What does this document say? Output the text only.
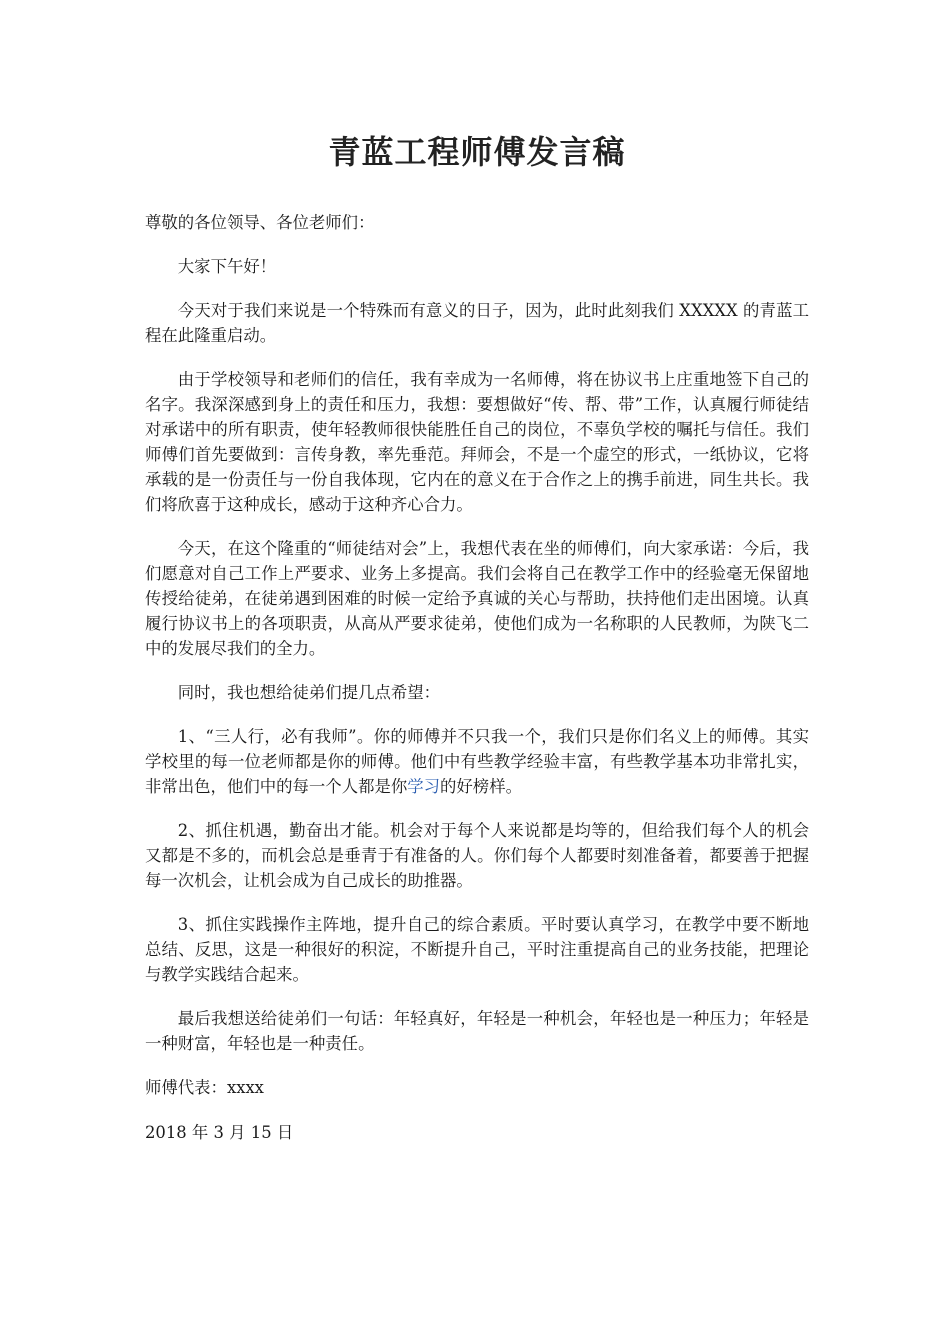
青蓝工程师傅发言稿

尊敬的各位领导、各位老师们：

大家下午好！

今天对于我们来说是一个特殊而有意义的日子，因为，此时此刻我们 XXXXX 的青蓝工程在此隆重启动。

由于学校领导和老师们的信任，我有幸成为一名师傅，将在协议书上庄重地签下自己的名字。我深深感到身上的责任和压力，我想：要想做好“传、帮、带”工作，认真履行师徒结对承诺中的所有职责，使年轻教师很快能胜任自己的岗位，不辜负学校的嘱托与信任。我们师傅们首先要做到：言传身教，率先垂范。拜师会，不是一个虚空的形式，一纸协议，它将承载的是一份责任与一份自我体现，它内在的意义在于合作之上的携手前进，同生共长。我们将欣喜于这种成长，感动于这种齐心合力。

今天，在这个隆重的“师徒结对会”上，我想代表在坐的师傅们，向大家承诺：今后，我们愿意对自己工作上严要求、业务上多提高。我们会将自己在教学工作中的经验毫无保留地传授给徒弟，在徒弟遇到困难的时候一定给予真诚的关心与帮助，扶持他们走出困境。认真履行协议书上的各项职责，从高从严要求徒弟，使他们成为一名称职的人民教师，为陕飞二中的发展尽我们的全力。

同时，我也想给徒弟们提几点希望：

1、“三人行，必有我师”。你的师傅并不只我一个，我们只是你们名义上的师傅。其实学校里的每一位老师都是你的师傅。他们中有些教学经验丰富，有些教学基本功非常扎实，非常出色，他们中的每一个人都是你学习的好榜样。

2、抓住机遇，勤奋出才能。机会对于每个人来说都是均等的，但给我们每个人的机会又都是不多的，而机会总是垂青于有准备的人。你们每个人都要时刻准备着，都要善于把握每一次机会，让机会成为自己成长的助推器。

3、抓住实践操作主阵地，提升自己的综合素质。平时要认真学习，在教学中要不断地总结、反思，这是一种很好的积淀，不断提升自己，平时注重提高自己的业务技能，把理论与教学实践结合起来。

最后我想送给徒弟们一句话：年轻真好，年轻是一种机会，年轻也是一种压力；年轻是一种财富，年轻也是一种责任。

师傅代表：xxxx

2018 年 3 月 15 日
